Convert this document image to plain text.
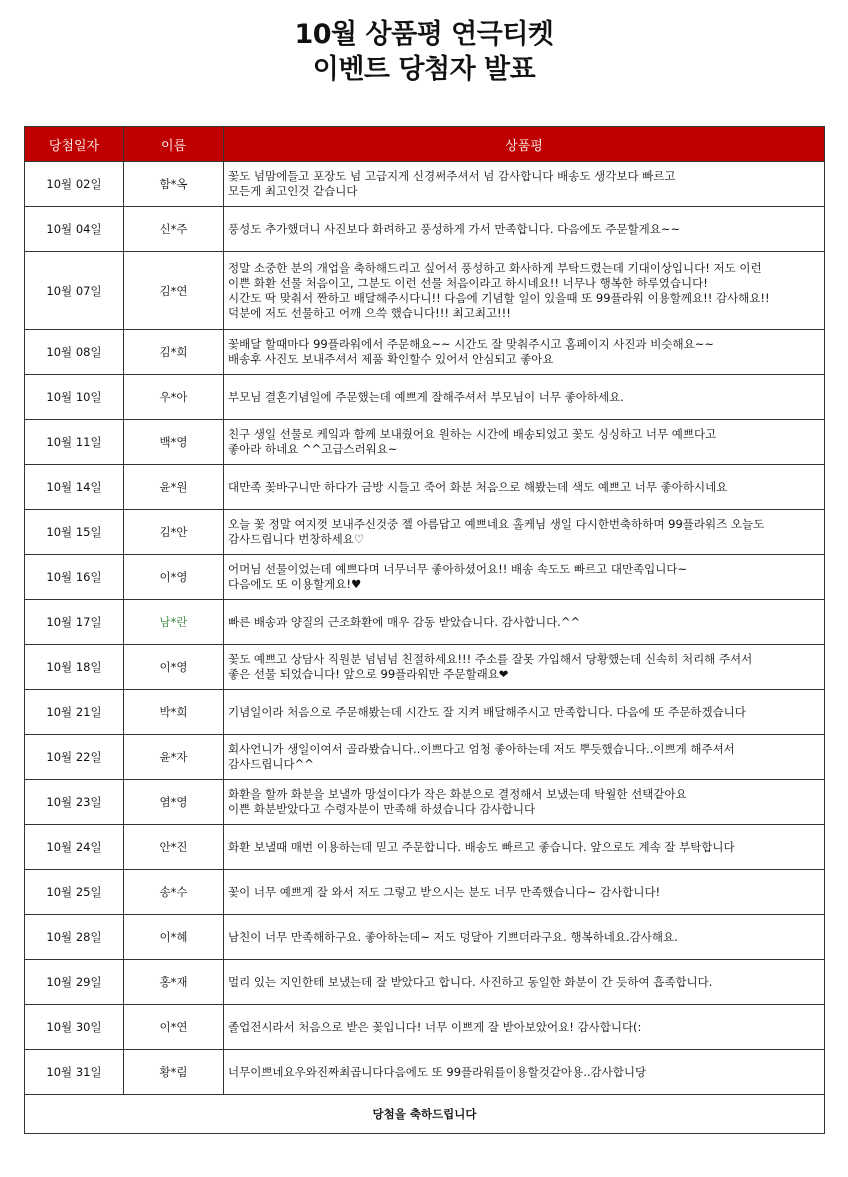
10월 상품평 연극티켓
이벤트 당첨자 발표
당첨일자	이름	상품평
10월 02일	함*옥	꽃도 넘맘에들고 포장도 넘 고급지게 신경써주셔서 넘 감사합니다 배송도 생각보다 빠르고
모든게 최고인것 같습니다
10월 04일	신*주	풍성도 추가했더니 사진보다 화려하고 풍성하게 가서 만족합니다. 다음에도 주문할게요~~
10월 07일	김*연	정말 소중한 분의 개업을 축하해드리고 싶어서 풍성하고 화사하게 부탁드렸는데 기대이상입니다! 저도 이런
이쁜 화환 선물 처음이고, 그분도 이런 선물 처음이라고 하시네요!! 너무나 행복한 하루였습니다!
시간도 딱 맞춰서 짠하고 배달해주시다니!! 다음에 기념할 일이 있을때 또 99플라워 이용할께요!! 감사해요!!
덕분에 저도 선물하고 어깨 으쓱 했습니다!!! 최고최고!!!
10월 08일	김*희	꽃배달 할때마다 99플라워에서 주문해요~~ 시간도 잘 맞춰주시고 홈페이지 사진과 비슷해요~~
배송후 사진도 보내주셔서 제품 확인할수 있어서 안심되고 좋아요
10월 10일	우*아	부모님 결혼기념일에 주문했는데 예쁘게 잘해주셔서 부모님이 너무 좋아하세요.
10월 11일	백*영	친구 생일 선물로 케잌과 함께 보내줬어요 원하는 시간에 배송되었고 꽃도 싱싱하고 너무 예쁘다고
좋아라 하네요 ^^고급스러워요~
10월 14일	윤*원	대만족 꽃바구니만 하다가 금방 시들고 죽어 화분 처음으로 해봤는데 색도 예쁘고 너무 좋아하시네요
10월 15일	김*안	오늘 꽃 정말 여지껏 보내주신것중 젤 아름답고 예쁘네요 홀케님 생일 다시한번축하하며 99플라워즈 오늘도
감사드립니다 번창하세요♡
10월 16일	이*영	어머님 선물이었는데 예쁘다며 너무너무 좋아하셨어요!! 배송 속도도 빠르고 대만족입니다~
다음에도 또 이용할게요!♥
10월 17일	남*란	빠른 배송과 양질의 근조화환에 매우 감동 받았습니다. 감사합니다.^^
10월 18일	이*영	꽃도 예쁘고 상담사 직원분 넘넘넘 친절하세요!!! 주소를 잘못 가입해서 당황했는데 신속히 처리해 주셔서
좋은 선물 되었습니다! 앞으로 99플라워만 주문할래요❤
10월 21일	박*희	기념일이라 처음으로 주문해봤는데 시간도 잘 지켜 배달해주시고 만족합니다. 다음에 또 주문하겠습니다
10월 22일	윤*자	회사언니가 생일이여서 골라봤습니다..이쁘다고 엄청 좋아하는데 저도 뿌듯했습니다..이쁘게 해주셔서
감사드립니다^^
10월 23일	염*영	화환을 할까 화분을 보낼까 망설이다가 작은 화분으로 결정해서 보냈는데 탁월한 선택같아요
이쁜 화분받았다고 수령자분이 만족해 하셨습니다 감사합니다
10월 24일	안*진	화환 보낼때 매번 이용하는데 믿고 주문합니다. 배송도 빠르고 좋습니다. 앞으로도 계속 잘 부탁합니다
10월 25일	송*수	꽃이 너무 예쁘게 잘 와서 저도 그렇고 받으시는 분도 너무 만족했습니다~ 감사합니다!
10월 28일	이*혜	남친이 너무 만족해하구요. 좋아하는데~ 저도 덩달아 기쁘더라구요. 행복하네요.감사해요.
10월 29일	홍*재	멀리 있는 지인한테 보냈는데 잘 받았다고 합니다. 사진하고 동일한 화분이 간 듯하여 흡족합니다.
10월 30일	이*연	졸업전시라서 처음으로 받은 꽃입니다! 너무 이쁘게 잘 받아보았어요! 감사합니다(:
10월 31일	황*림	너무이쁘네요우와진짜최곱니다다음에도 또 99플라워를이용할것같아용..감사합니당
당첨을 축하드립니다		
